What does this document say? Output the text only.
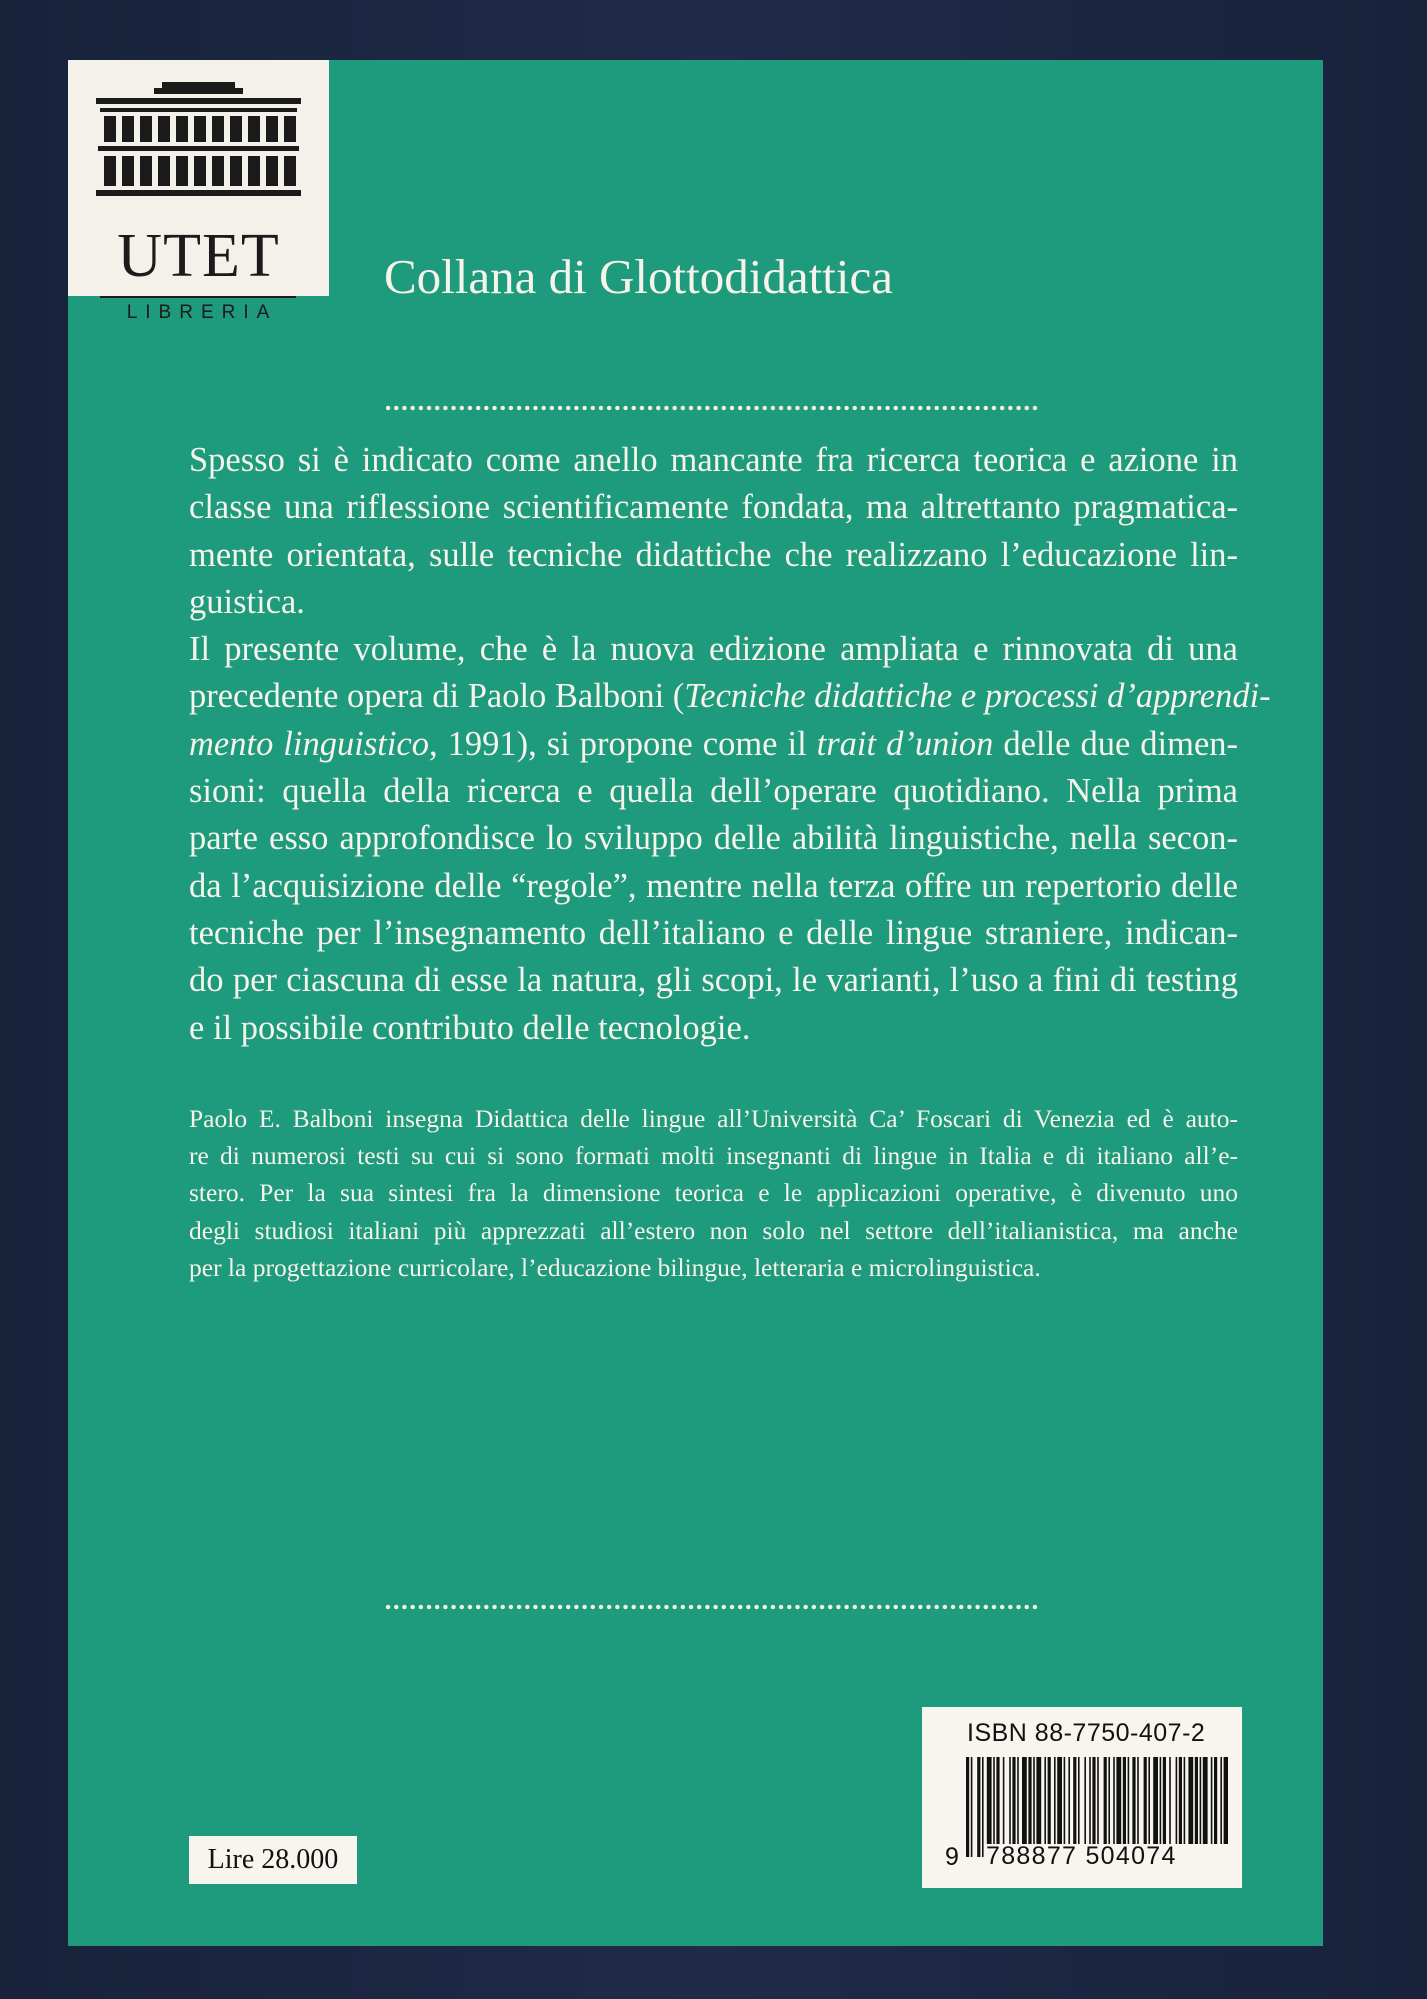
UTET
LIBRERIA
Collana di Glottodidattica
Spesso si è indicato come anello mancante fra ricerca teorica e azione in
classe una riflessione scientificamente fondata, ma altrettanto pragmatica-
mente orientata, sulle tecniche didattiche che realizzano l’educazione lin-
guistica.
Il presente volume, che è la nuova edizione ampliata e rinnovata di una
precedente opera di Paolo Balboni (Tecniche didattiche e processi d’apprendi-
mento linguistico, 1991), si propone come il trait d’union delle due dimen-
sioni: quella della ricerca e quella dell’operare quotidiano. Nella prima
parte esso approfondisce lo sviluppo delle abilità linguistiche, nella secon-
da l’acquisizione delle “regole”, mentre nella terza offre un repertorio delle
tecniche per l’insegnamento dell’italiano e delle lingue straniere, indican-
do per ciascuna di esse la natura, gli scopi, le varianti, l’uso a fini di testing
e il possibile contributo delle tecnologie.
Paolo E. Balboni insegna Didattica delle lingue all’Università Ca’ Foscari di Venezia ed è auto-
re di numerosi testi su cui si sono formati molti insegnanti di lingue in Italia e di italiano all’e-
stero. Per la sua sintesi fra la dimensione teorica e le applicazioni operative, è divenuto uno
degli studiosi italiani più apprezzati all’estero non solo nel settore dell’italianistica, ma anche
per la progettazione curricolare, l’educazione bilingue, letteraria e microlinguistica.
Lire 28.000
ISBN 88-7750-407-2
9 788877 504074
